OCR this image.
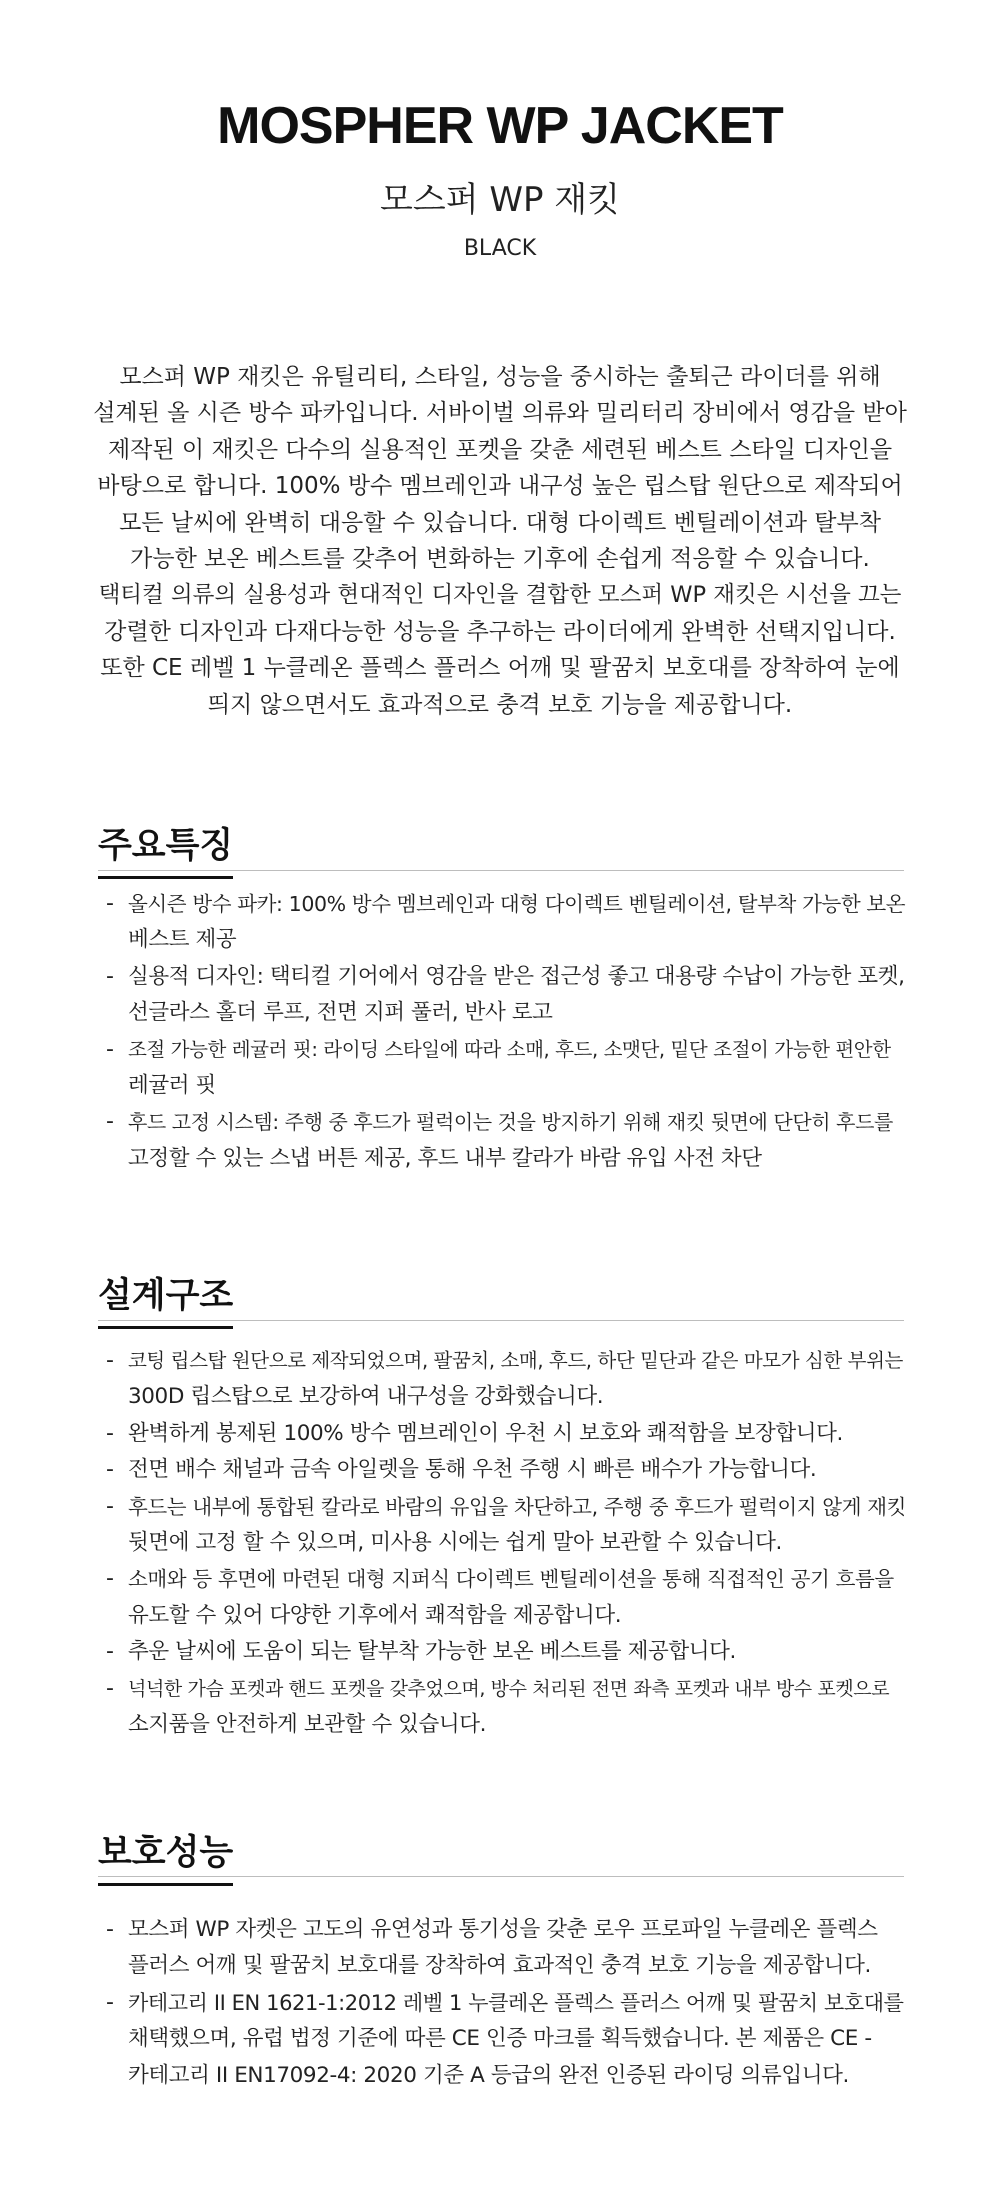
MOSPHER WP JACKET
모스퍼 WP 재킷
BLACK
모스퍼 WP 재킷은 유틸리티, 스타일, 성능을 중시하는 출퇴근 라이더를 위해
설계된 올 시즌 방수 파카입니다. 서바이벌 의류와 밀리터리 장비에서 영감을 받아
제작된 이 재킷은 다수의 실용적인 포켓을 갖춘 세련된 베스트 스타일 디자인을
바탕으로 합니다. 100% 방수 멤브레인과 내구성 높은 립스탑 원단으로 제작되어
모든 날씨에 완벽히 대응할 수 있습니다. 대형 다이렉트 벤틸레이션과 탈부착
가능한 보온 베스트를 갖추어 변화하는 기후에 손쉽게 적응할 수 있습니다.
택티컬 의류의 실용성과 현대적인 디자인을 결합한 모스퍼 WP 재킷은 시선을 끄는
강렬한 디자인과 다재다능한 성능을 추구하는 라이더에게 완벽한 선택지입니다.
또한 CE 레벨 1 누클레온 플렉스 플러스 어깨 및 팔꿈치 보호대를 장착하여 눈에
띄지 않으면서도 효과적으로 충격 보호 기능을 제공합니다.
주요특징
- 올시즌 방수 파카: 100% 방수 멤브레인과 대형 다이렉트 벤틸레이션, 탈부착 가능한 보온
베스트 제공
- 실용적 디자인: 택티컬 기어에서 영감을 받은 접근성 좋고 대용량 수납이 가능한 포켓,
선글라스 홀더 루프, 전면 지퍼 풀러, 반사 로고
- 조절 가능한 레귤러 핏: 라이딩 스타일에 따라 소매, 후드, 소맷단, 밑단 조절이 가능한 편안한
레귤러 핏
- 후드 고정 시스템: 주행 중 후드가 펄럭이는 것을 방지하기 위해 재킷 뒷면에 단단히 후드를
고정할 수 있는 스냅 버튼 제공, 후드 내부 칼라가 바람 유입 사전 차단
설계구조
- 코팅 립스탑 원단으로 제작되었으며, 팔꿈치, 소매, 후드, 하단 밑단과 같은 마모가 심한 부위는
300D 립스탑으로 보강하여 내구성을 강화했습니다.
- 완벽하게 봉제된 100% 방수 멤브레인이 우천 시 보호와 쾌적함을 보장합니다.
- 전면 배수 채널과 금속 아일렛을 통해 우천 주행 시 빠른 배수가 가능합니다.
- 후드는 내부에 통합된 칼라로 바람의 유입을 차단하고, 주행 중 후드가 펄럭이지 않게 재킷
뒷면에 고정 할 수 있으며, 미사용 시에는 쉽게 말아 보관할 수 있습니다.
- 소매와 등 후면에 마련된 대형 지퍼식 다이렉트 벤틸레이션을 통해 직접적인 공기 흐름을
유도할 수 있어 다양한 기후에서 쾌적함을 제공합니다.
- 추운 날씨에 도움이 되는 탈부착 가능한 보온 베스트를 제공합니다.
- 넉넉한 가슴 포켓과 핸드 포켓을 갖추었으며, 방수 처리된 전면 좌측 포켓과 내부 방수 포켓으로
소지품을 안전하게 보관할 수 있습니다.
보호성능
- 모스퍼 WP 자켓은 고도의 유연성과 통기성을 갖춘 로우 프로파일 누클레온 플렉스
플러스 어깨 및 팔꿈치 보호대를 장착하여 효과적인 충격 보호 기능을 제공합니다.
- 카테고리 II EN 1621-1:2012 레벨 1 누클레온 플렉스 플러스 어깨 및 팔꿈치 보호대를
채택했으며, 유럽 법정 기준에 따른 CE 인증 마크를 획득했습니다. 본 제품은 CE -
카테고리 II EN17092-4: 2020 기준 A 등급의 완전 인증된 라이딩 의류입니다.
